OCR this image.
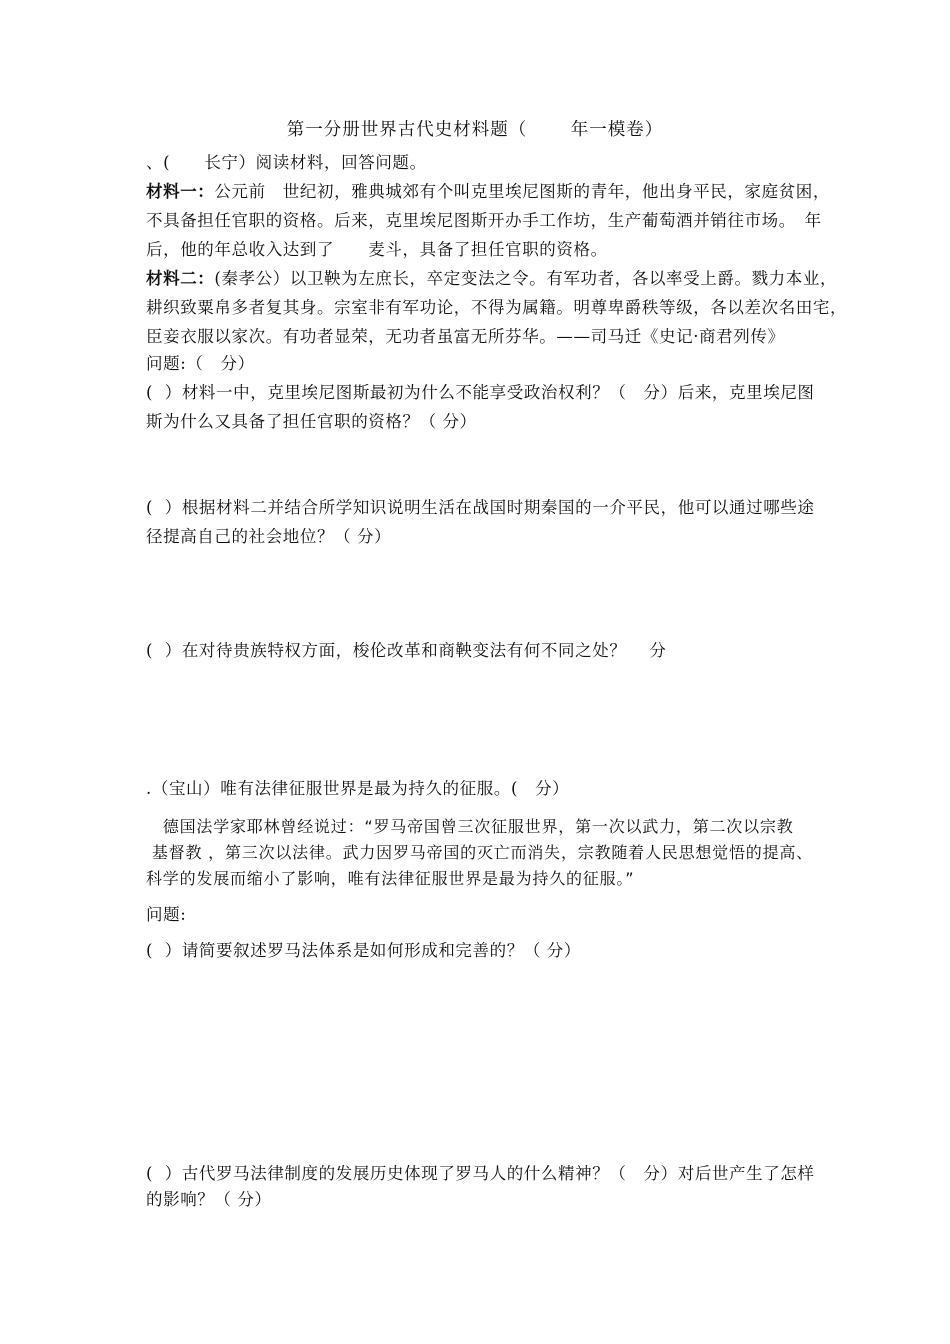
第一分册世界古代史材料题（　　 年一模卷）
、(　　长宁）阅读材料，回答问题。
材料一：公元前　世纪初，雅典城郊有个叫克里埃尼图斯的青年，他出身平民，家庭贫困，
不具备担任官职的资格。后来，克里埃尼图斯开办手工作坊，生产葡萄酒并销往市场。　年
后，他的年总收入达到了　　麦斗，具备了担任官职的资格。
材料二：(秦孝公）以卫鞅为左庶长，卒定变法之令。有军功者，各以率受上爵。戮力本业，
耕织致粟帛多者复其身。宗室非有军功论，不得为属籍。明尊卑爵秩等级，各以差次名田宅，
臣妾衣服以家次。有功者显荣，无功者虽富无所芬华。——司马迁《史记·商君列传》
问题:（　分）
(  ）材料一中，克里埃尼图斯最初为什么不能享受政治权利？（　分）后来，克里埃尼图
斯为什么又具备了担任官职的资格？（ 分）
(  ）根据材料二并结合所学知识说明生活在战国时期秦国的一介平民，他可以通过哪些途
径提高自己的社会地位？（ 分）
(  ）在对待贵族特权方面，梭伦改革和商鞅变法有何不同之处？　 分
.（宝山）唯有法律征服世界是最为持久的征服。(　分）
　德国法学家耶林曾经说过：“罗马帝国曾三次征服世界，第一次以武力，第二次以宗教
基督教 ，第三次以法律。武力因罗马帝国的灭亡而消失，宗教随着人民思想觉悟的提高、
科学的发展而缩小了影响，唯有法律征服世界是最为持久的征服。”
问题:
(  ）请简要叙述罗马法体系是如何形成和完善的？（ 分）
(  ）古代罗马法律制度的发展历史体现了罗马人的什么精神？（　分）对后世产生了怎样
的影响？（ 分）
